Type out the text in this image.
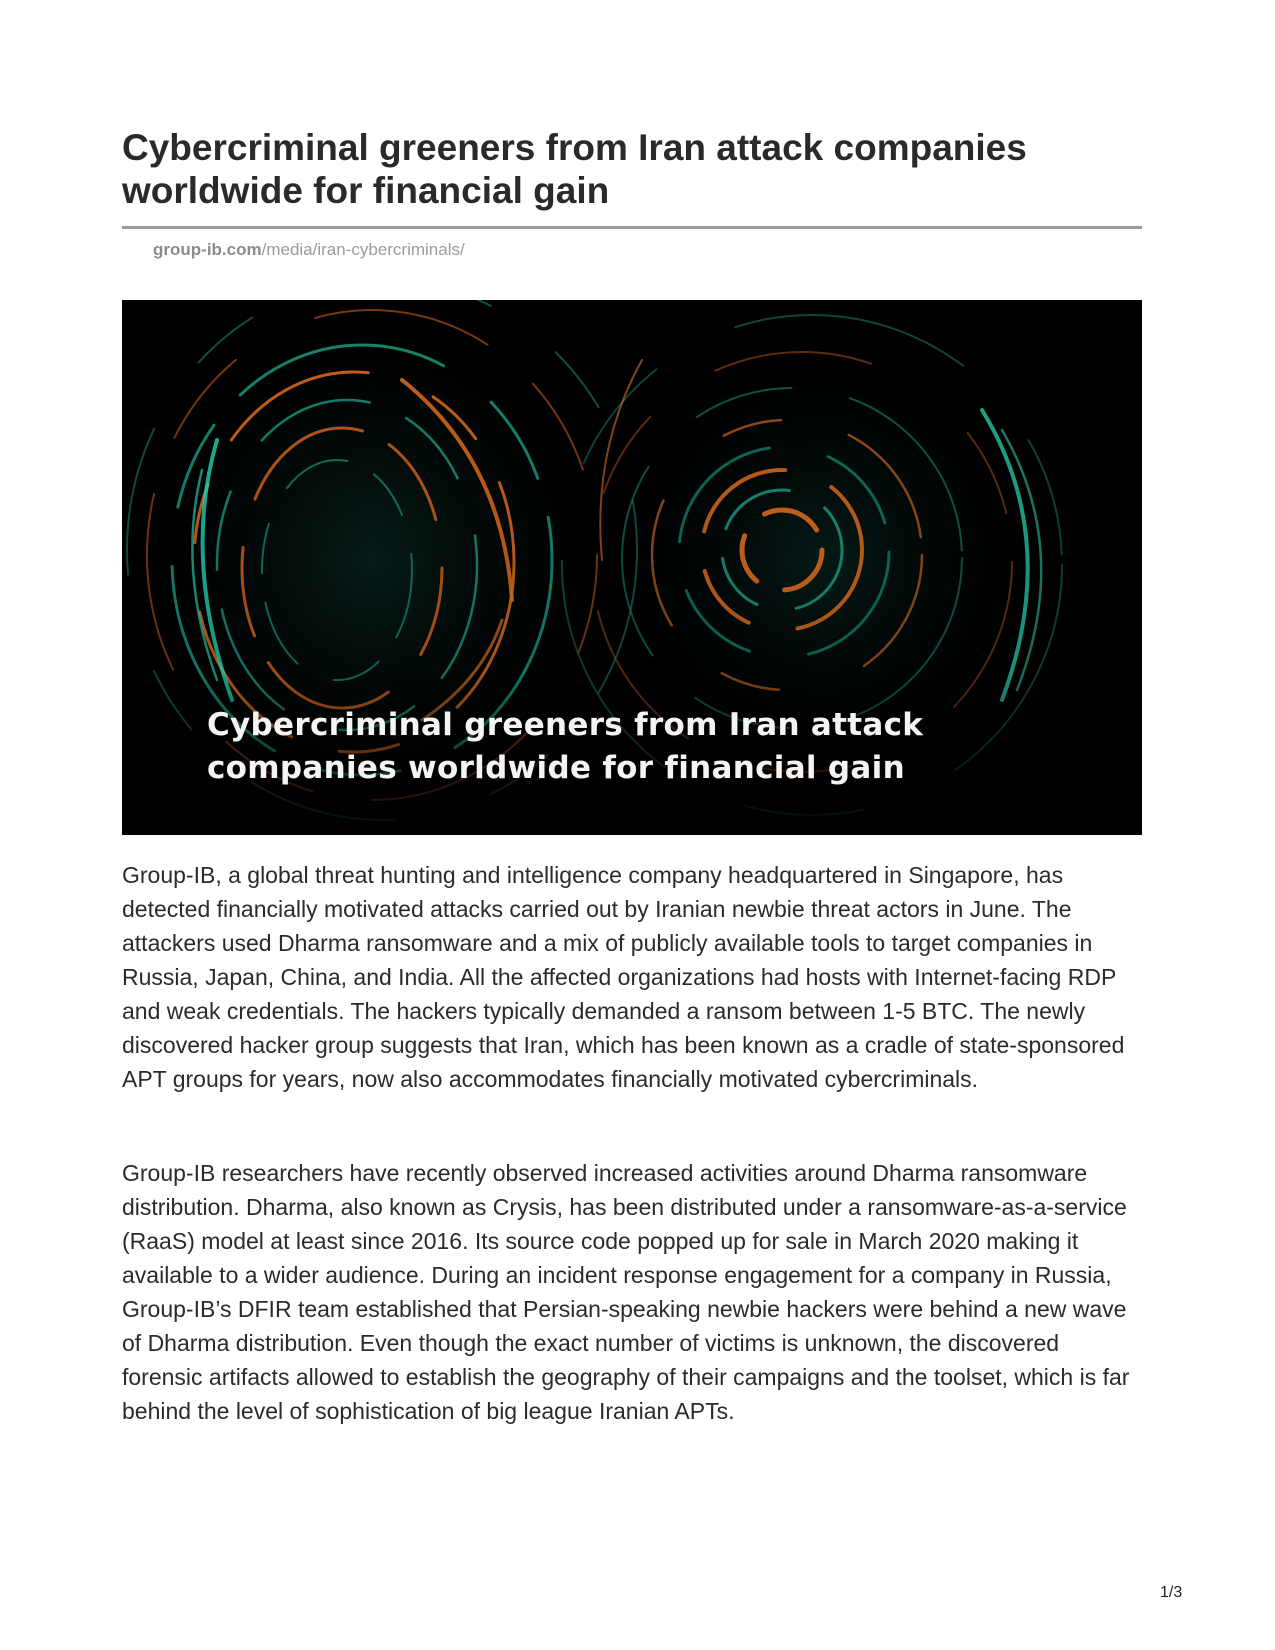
Cybercriminal greeners from Iran attack companies worldwide for financial gain
group-ib.com/media/iran-cybercriminals/
Cybercriminal greeners from Iran attack companies worldwide for financial gain

Group-IB, a global threat hunting and intelligence company headquartered in Singapore, has detected financially motivated attacks carried out by Iranian newbie threat actors in June. The attackers used Dharma ransomware and a mix of publicly available tools to target companies in Russia, Japan, China, and India. All the affected organizations had hosts with Internet-facing RDP and weak credentials. The hackers typically demanded a ransom between 1-5 BTC. The newly discovered hacker group suggests that Iran, which has been known as a cradle of state-sponsored APT groups for years, now also accommodates financially motivated cybercriminals.

Group-IB researchers have recently observed increased activities around Dharma ransomware distribution. Dharma, also known as Crysis, has been distributed under a ransomware-as-a-service (RaaS) model at least since 2016. Its source code popped up for sale in March 2020 making it available to a wider audience. During an incident response engagement for a company in Russia, Group-IB’s DFIR team established that Persian-speaking newbie hackers were behind a new wave of Dharma distribution. Even though the exact number of victims is unknown, the discovered forensic artifacts allowed to establish the geography of their campaigns and the toolset, which is far behind the level of sophistication of big league Iranian APTs.

1/3
